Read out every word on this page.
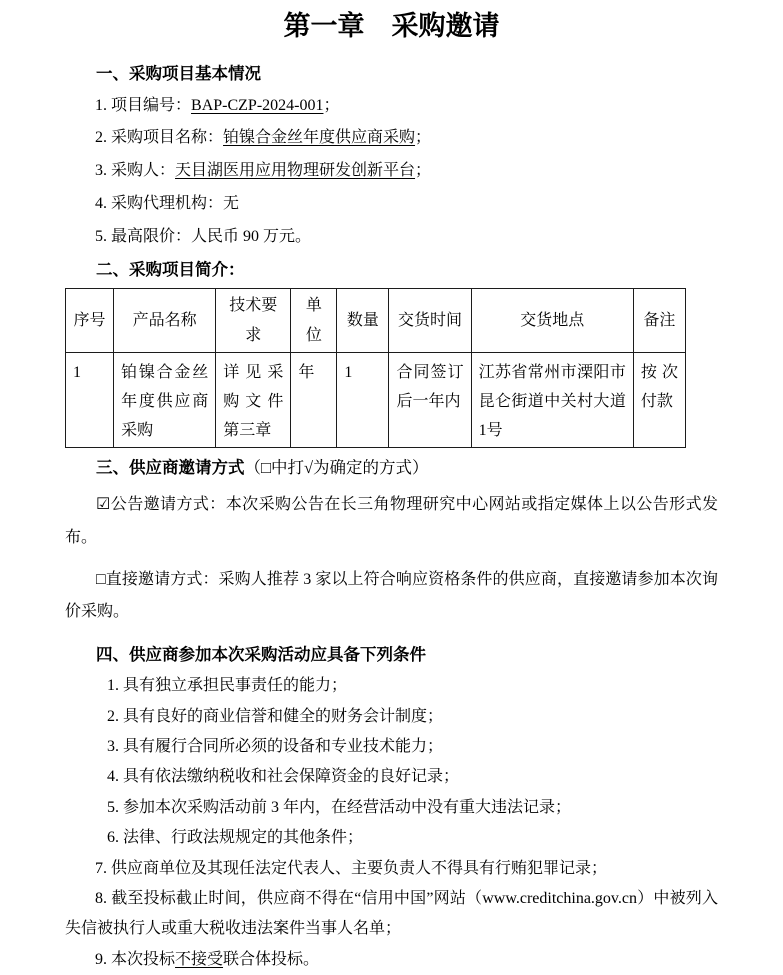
第一章　采购邀请
一、采购项目基本情况

1. 项目编号：BAP-CZP-2024-001；

2. 采购项目名称：铂镍合金丝年度供应商采购；

3. 采购人：天目湖医用应用物理研发创新平台；

4. 采购代理机构：无

5. 最高限价：人民币 90 万元。

二、采购项目简介：
序号	产品名称	技术要求	单位	数量	交货时间	交货地点	备注
1	铂镍合金丝年度供应商采购	详见采购文件第三章	年	1	合同签订后一年内	江苏省常州市溧阳市昆仑街道中关村大道1号	按次付款
三、供应商邀请方式（□中打√为确定的方式）

☑公告邀请方式：本次采购公告在长三角物理研究中心网站或指定媒体上以公告形式发布。

□直接邀请方式：采购人推荐 3 家以上符合响应资格条件的供应商，直接邀请参加本次询价采购。

四、供应商参加本次采购活动应具备下列条件

1. 具有独立承担民事责任的能力；

2. 具有良好的商业信誉和健全的财务会计制度；

3. 具有履行合同所必须的设备和专业技术能力；

4. 具有依法缴纳税收和社会保障资金的良好记录；

5. 参加本次采购活动前 3 年内，在经营活动中没有重大违法记录；

6. 法律、行政法规规定的其他条件；

7. 供应商单位及其现任法定代表人、主要负责人不得具有行贿犯罪记录；

8. 截至投标截止时间，供应商不得在“信用中国”网站（www.creditchina.gov.cn）中被列入失信被执行人或重大税收违法案件当事人名单；

9. 本次投标不接受联合体投标。
